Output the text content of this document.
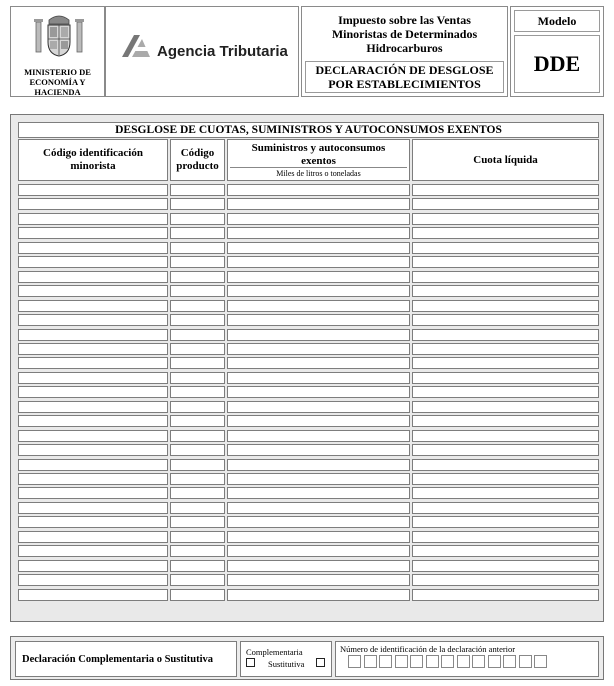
MINISTERIO DE
ECONOMÍA Y
HACIENDA
Agencia Tributaria
Impuesto sobre las Ventas
Minoristas de Determinados
Hidrocarburos
DECLARACIÓN DE DESGLOSE
POR ESTABLECIMIENTOS
Modelo
DDE
DESGLOSE DE CUOTAS, SUMINISTROS Y AUTOCONSUMOS EXENTOS
Código identificación
minorista
Código
producto
Suministros y autoconsumos
exentos
Miles de litros o toneladas
Cuota líquida
Declaración Complementaria o Sustitutiva
Complementaria
Sustitutiva
Número de identificación de la declaración anterior
